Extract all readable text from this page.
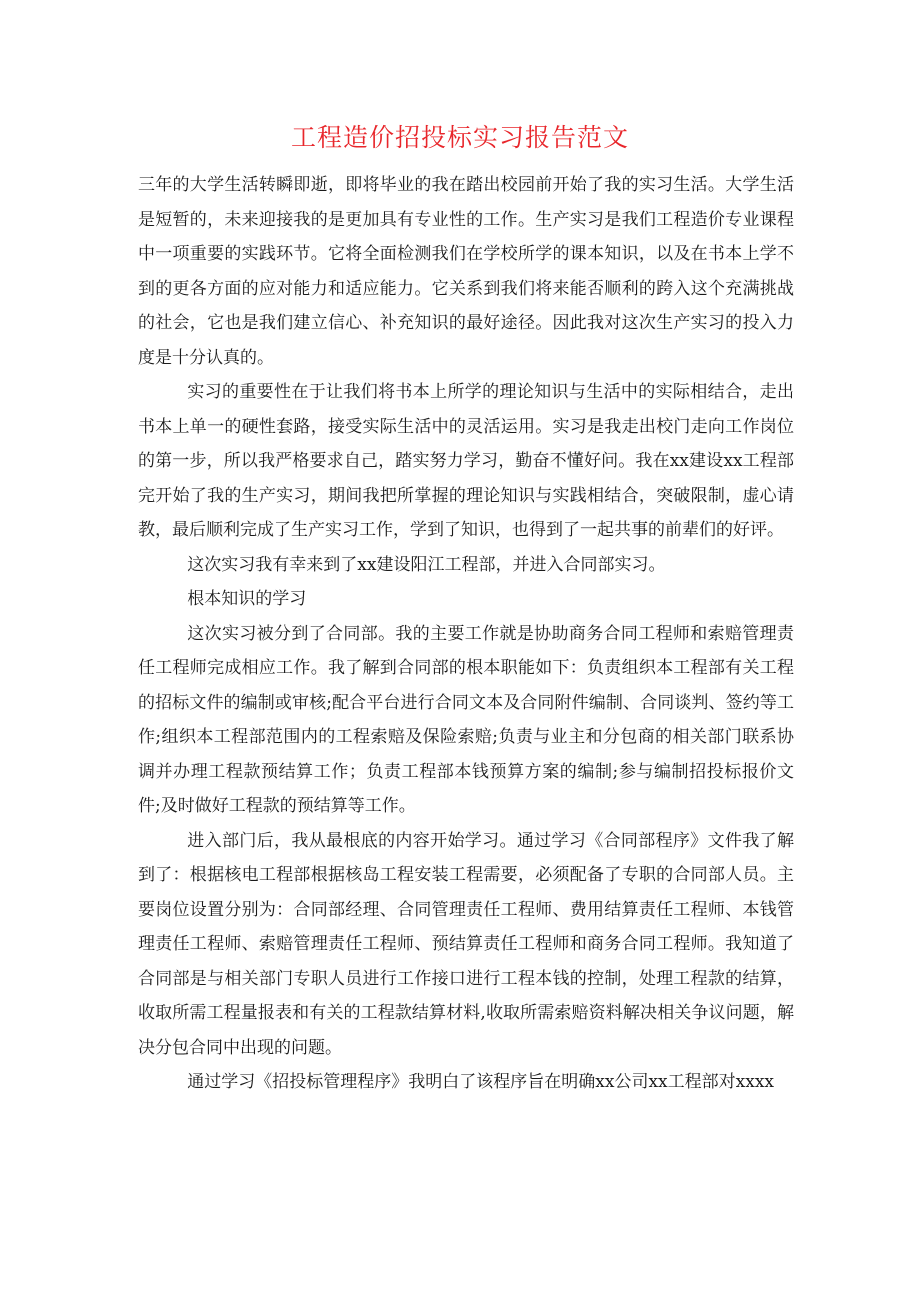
工程造价招投标实习报告范文

三年的大学生活转瞬即逝，即将毕业的我在踏出校园前开始了我的实习生活。大学生活是短暂的，未来迎接我的是更加具有专业性的工作。生产实习是我们工程造价专业课程中一项重要的实践环节。它将全面检测我们在学校所学的课本知识，以及在书本上学不到的更各方面的应对能力和适应能力。它关系到我们将来能否顺利的跨入这个充满挑战的社会，它也是我们建立信心、补充知识的最好途径。因此我对这次生产实习的投入力度是十分认真的。

实习的重要性在于让我们将书本上所学的理论知识与生活中的实际相结合，走出书本上单一的硬性套路，接受实际生活中的灵活运用。实习是我走出校门走向工作岗位的第一步，所以我严格要求自己，踏实努力学习，勤奋不懂好问。我在xx建设xx工程部完开始了我的生产实习，期间我把所掌握的理论知识与实践相结合，突破限制，虚心请教，最后顺利完成了生产实习工作，学到了知识，也得到了一起共事的前辈们的好评。

这次实习我有幸来到了xx建设阳江工程部，并进入合同部实习。

根本知识的学习

这次实习被分到了合同部。我的主要工作就是协助商务合同工程师和索赔管理责任工程师完成相应工作。我了解到合同部的根本职能如下：负责组织本工程部有关工程的招标文件的编制或审核;配合平台进行合同文本及合同附件编制、合同谈判、签约等工作;组织本工程部范围内的工程索赔及保险索赔;负责与业主和分包商的相关部门联系协调并办理工程款预结算工作；负责工程部本钱预算方案的编制;参与编制招投标报价文件;及时做好工程款的预结算等工作。

进入部门后，我从最根底的内容开始学习。通过学习《合同部程序》文件我了解到了：根据核电工程部根据核岛工程安装工程需要，必须配备了专职的合同部人员。主要岗位设置分别为：合同部经理、合同管理责任工程师、费用结算责任工程师、本钱管理责任工程师、索赔管理责任工程师、预结算责任工程师和商务合同工程师。我知道了合同部是与相关部门专职人员进行工作接口进行工程本钱的控制，处理工程款的结算，收取所需工程量报表和有关的工程款结算材料,收取所需索赔资料解决相关争议问题，解决分包合同中出现的问题。

通过学习《招投标管理程序》我明白了该程序旨在明确xx公司xx工程部对xxxx
